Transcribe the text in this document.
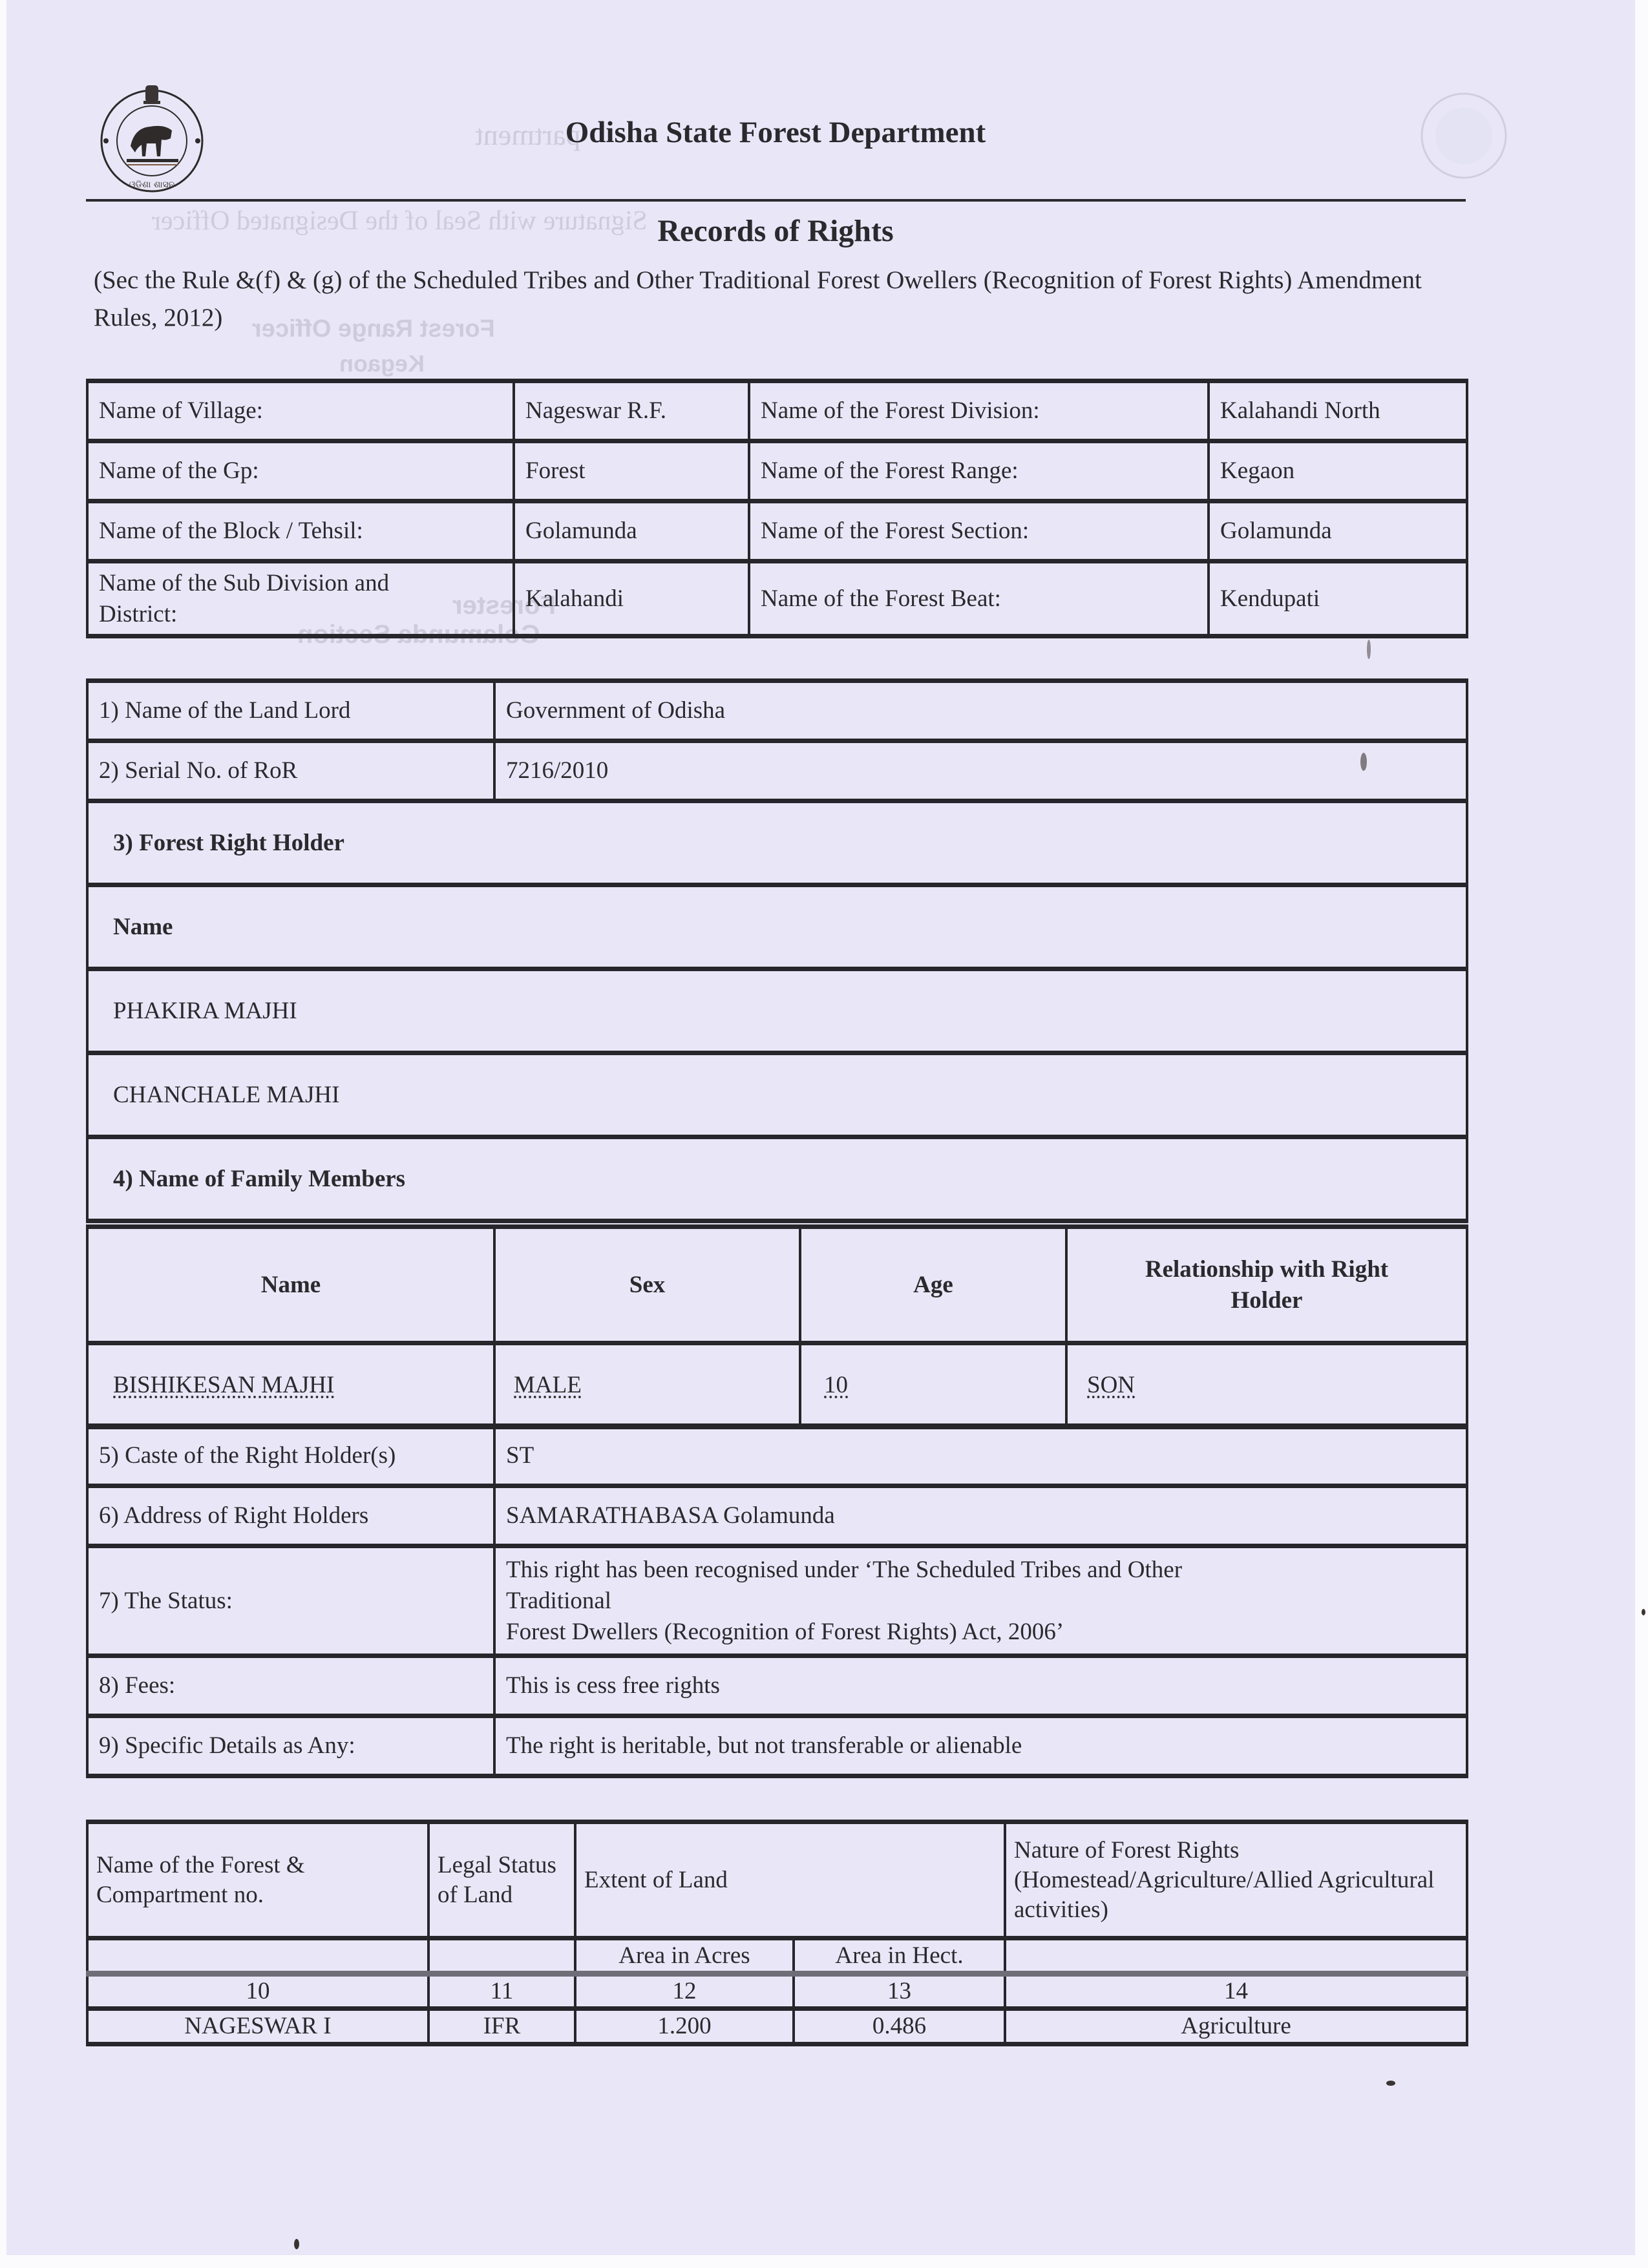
partment
Signature with Seal of the Designated Officer
Forest Range Officer
Kegaon
Forester
Golamunda Section
ଓଡ଼ିଶା ଶାସନ
Odisha State Forest Department
Records of Rights
(Sec the Rule &(f) & (g) of the Scheduled Tribes and Other Traditional Forest Owellers (Recognition of Forest Rights) Amendment Rules, 2012)
Name of Village:	Nageswar R.F.	Name of the Forest Division:	Kalahandi North
Name of the Gp:	Forest	Name of the Forest Range:	Kegaon
Name of the Block / Tehsil:	Golamunda	Name of the Forest Section:	Golamunda
Name of the Sub Division and District:	Kalahandi	Name of the Forest Beat:	Kendupati
1) Name of the Land Lord	Government of Odisha
2) Serial No. of RoR	7216/2010
3) Forest Right Holder	
Name	
PHAKIRA MAJHI	
CHANCHALE MAJHI	
4) Name of Family Members	
Name	Sex	Age	Relationship with Right Holder
BISHIKESAN MAJHI	MALE	10	SON
5) Caste of the Right Holder(s)	ST
6) Address of Right Holders	SAMARATHABASA Golamunda
7) The Status:	This right has been recognised under ‘The Scheduled Tribes and Other
Traditional
Forest Dwellers (Recognition of Forest Rights) Act, 2006’

8) Fees:	This is cess free rights
9) Specific Details as Any:	The right is heritable, but not transferable or alienable
Name of the Forest & Compartment no.	Legal Status of Land	Extent of Land		Nature of Forest Rights (Homestead/Agriculture/Allied Agricultural activities)
		Area in Acres	Area in Hect.	
10	11	12	13	14
NAGESWAR I	IFR	1.200	0.486	Agriculture
